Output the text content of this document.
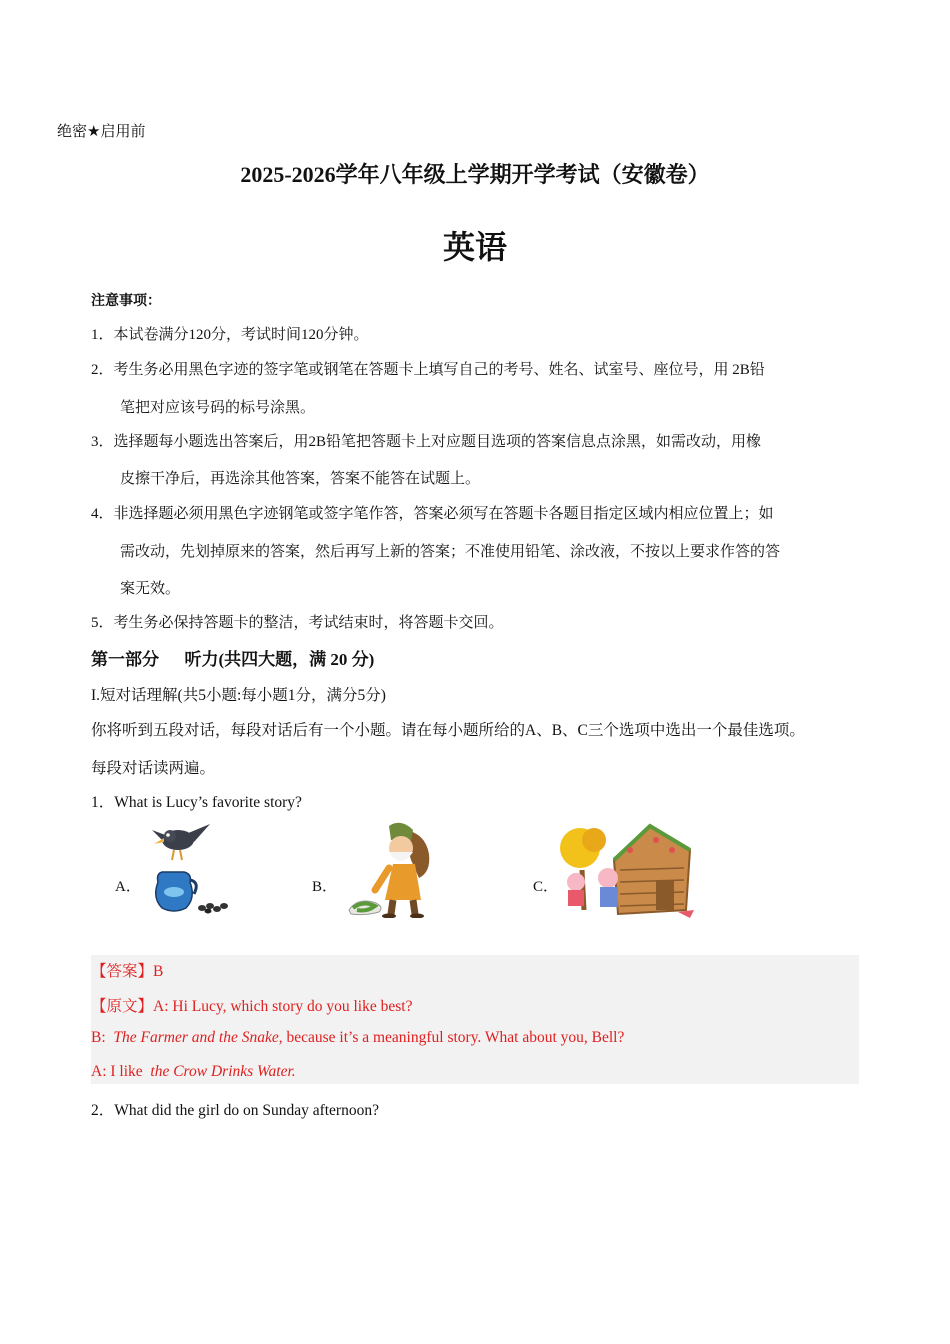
绝密★启用前
2025-2026学年八年级上学期开学考试（安徽卷）
英语
注意事项：
1．本试卷满分120分，考试时间120分钟。
2．考生务必用黑色字迹的签字笔或钢笔在答题卡上填写自己的考号、姓名、试室号、座位号，用 2B铅
笔把对应该号码的标号涂黑。
3．选择题每小题选出答案后，用2B铅笔把答题卡上对应题目选项的答案信息点涂黑，如需改动，用橡
皮擦干净后，再选涂其他答案，答案不能答在试题上。
4．非选择题必须用黑色字迹钢笔或签字笔作答，答案必须写在答题卡各题目指定区域内相应位置上；如
需改动，先划掉原来的答案，然后再写上新的答案；不准使用铅笔、涂改液，不按以上要求作答的答
案无效。
5．考生务必保持答题卡的整洁，考试结束时，将答题卡交回。
第一部分      听力(共四大题，满 20 分)
I.短对话理解(共5小题:每小题1分，满分5分)
你将听到五段对话，每段对话后有一个小题。请在每小题所给的A、B、C三个选项中选出一个最佳选项。
每段对话读两遍。
1．What is Lucy’s favorite story?
A．	B．	C．
【答案】B
【原文】A: Hi Lucy, which story do you like best?
B:  The Farmer and the Snake, because it’s a meaningful story. What about you, Bell?
A: I like  the Crow Drinks Water.
2．What did the girl do on Sunday afternoon?
